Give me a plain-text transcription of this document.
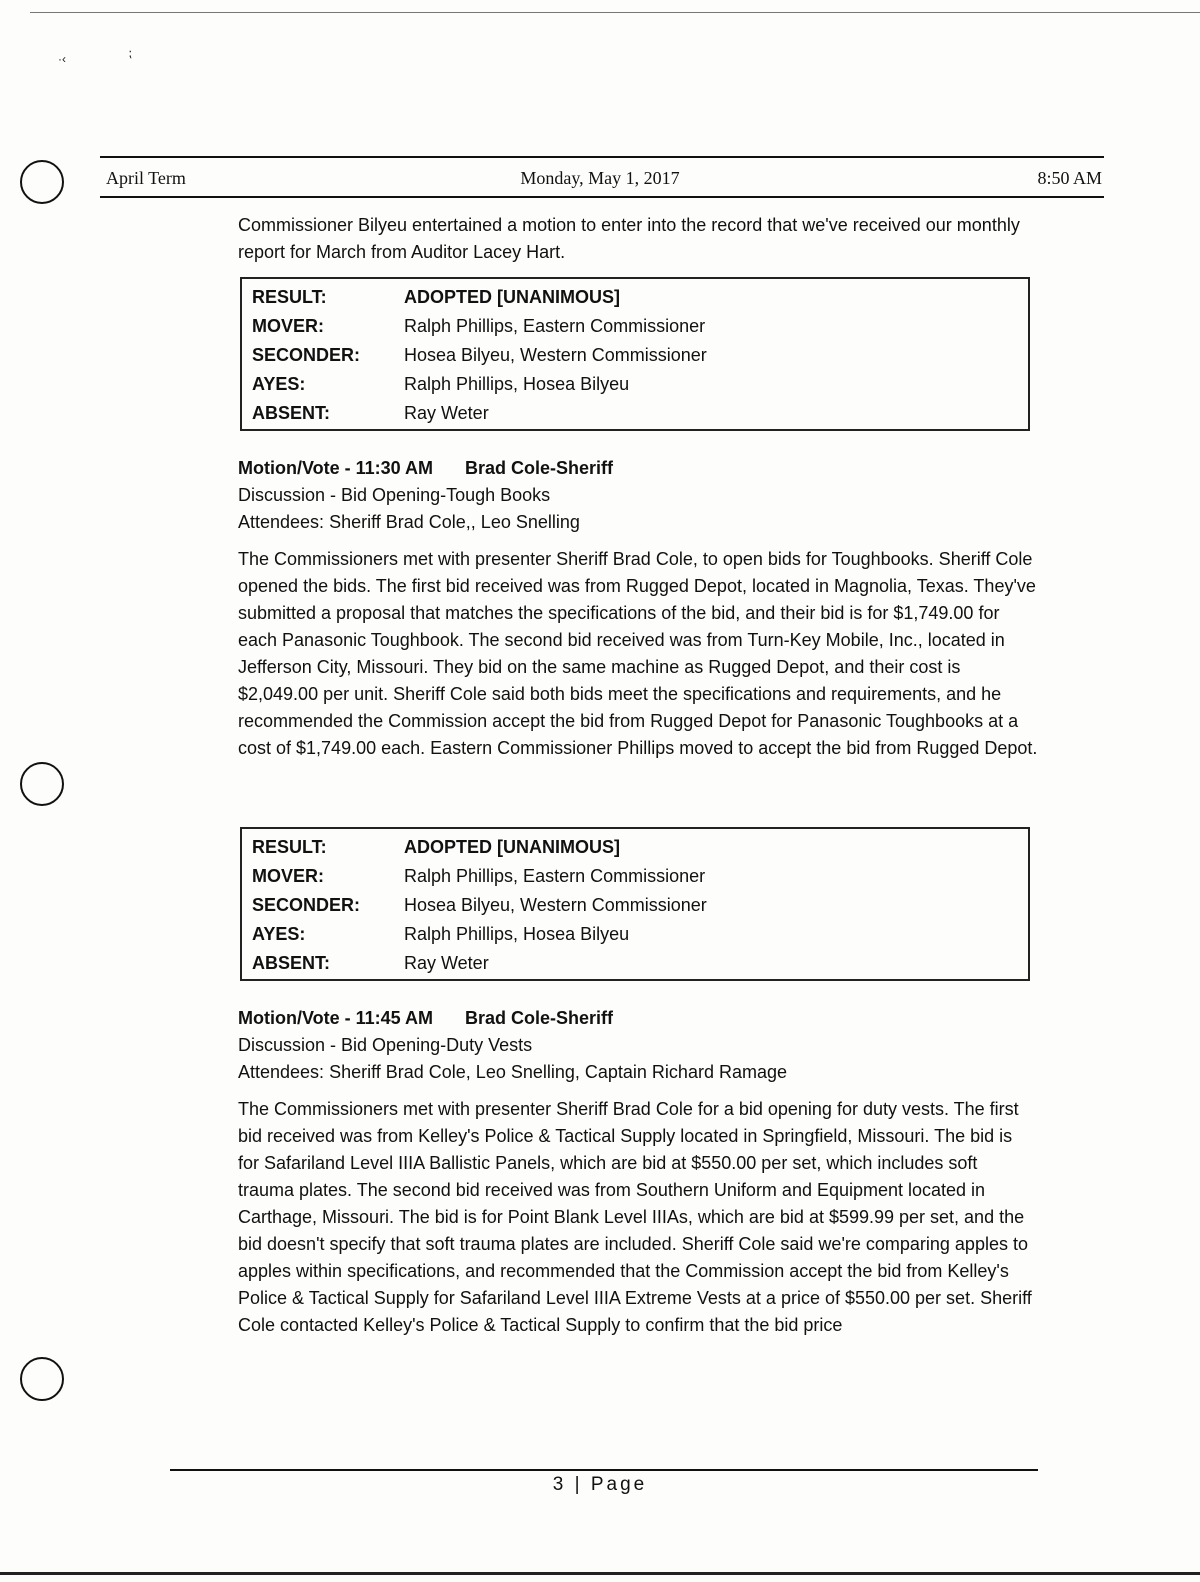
·‹	⁏
April Term	Monday, May 1, 2017	8:50 AM

Commissioner Bilyeu entertained a motion to enter into the record that we've received our monthly report for March from Auditor Lacey Hart.

RESULT:	ADOPTED [UNANIMOUS]
MOVER:	Ralph Phillips, Eastern Commissioner
SECONDER:	Hosea Bilyeu, Western Commissioner
AYES:	Ralph Phillips, Hosea Bilyeu
ABSENT:	Ray Weter
Motion/Vote - 11:30 AM Brad Cole-Sheriff
Discussion - Bid Opening-Tough Books
Attendees: Sheriff Brad Cole,, Leo Snelling

The Commissioners met with presenter Sheriff Brad Cole, to open bids for Toughbooks. Sheriff Cole opened the bids. The first bid received was from Rugged Depot, located in Magnolia, Texas. They've submitted a proposal that matches the specifications of the bid, and their bid is for $1,749.00 for each Panasonic Toughbook. The second bid received was from Turn-Key Mobile, Inc., located in Jefferson City, Missouri. They bid on the same machine as Rugged Depot, and their cost is $2,049.00 per unit. Sheriff Cole said both bids meet the specifications and requirements, and he recommended the Commission accept the bid from Rugged Depot for Panasonic Toughbooks at a cost of $1,749.00 each. Eastern Commissioner Phillips moved to accept the bid from Rugged Depot.

RESULT:	ADOPTED [UNANIMOUS]
MOVER:	Ralph Phillips, Eastern Commissioner
SECONDER:	Hosea Bilyeu, Western Commissioner
AYES:	Ralph Phillips, Hosea Bilyeu
ABSENT:	Ray Weter
Motion/Vote - 11:45 AM Brad Cole-Sheriff
Discussion - Bid Opening-Duty Vests
Attendees: Sheriff Brad Cole, Leo Snelling, Captain Richard Ramage

The Commissioners met with presenter Sheriff Brad Cole for a bid opening for duty vests. The first bid received was from Kelley's Police & Tactical Supply located in Springfield, Missouri. The bid is for Safariland Level IIIA Ballistic Panels, which are bid at $550.00 per set, which includes soft trauma plates. The second bid received was from Southern Uniform and Equipment located in Carthage, Missouri. The bid is for Point Blank Level IIIAs, which are bid at $599.99 per set, and the bid doesn't specify that soft trauma plates are included. Sheriff Cole said we're comparing apples to apples within specifications, and recommended that the Commission accept the bid from Kelley's Police & Tactical Supply for Safariland Level IIIA Extreme Vests at a price of $550.00 per set. Sheriff Cole contacted Kelley's Police & Tactical Supply to confirm that the bid price

3 | Page
